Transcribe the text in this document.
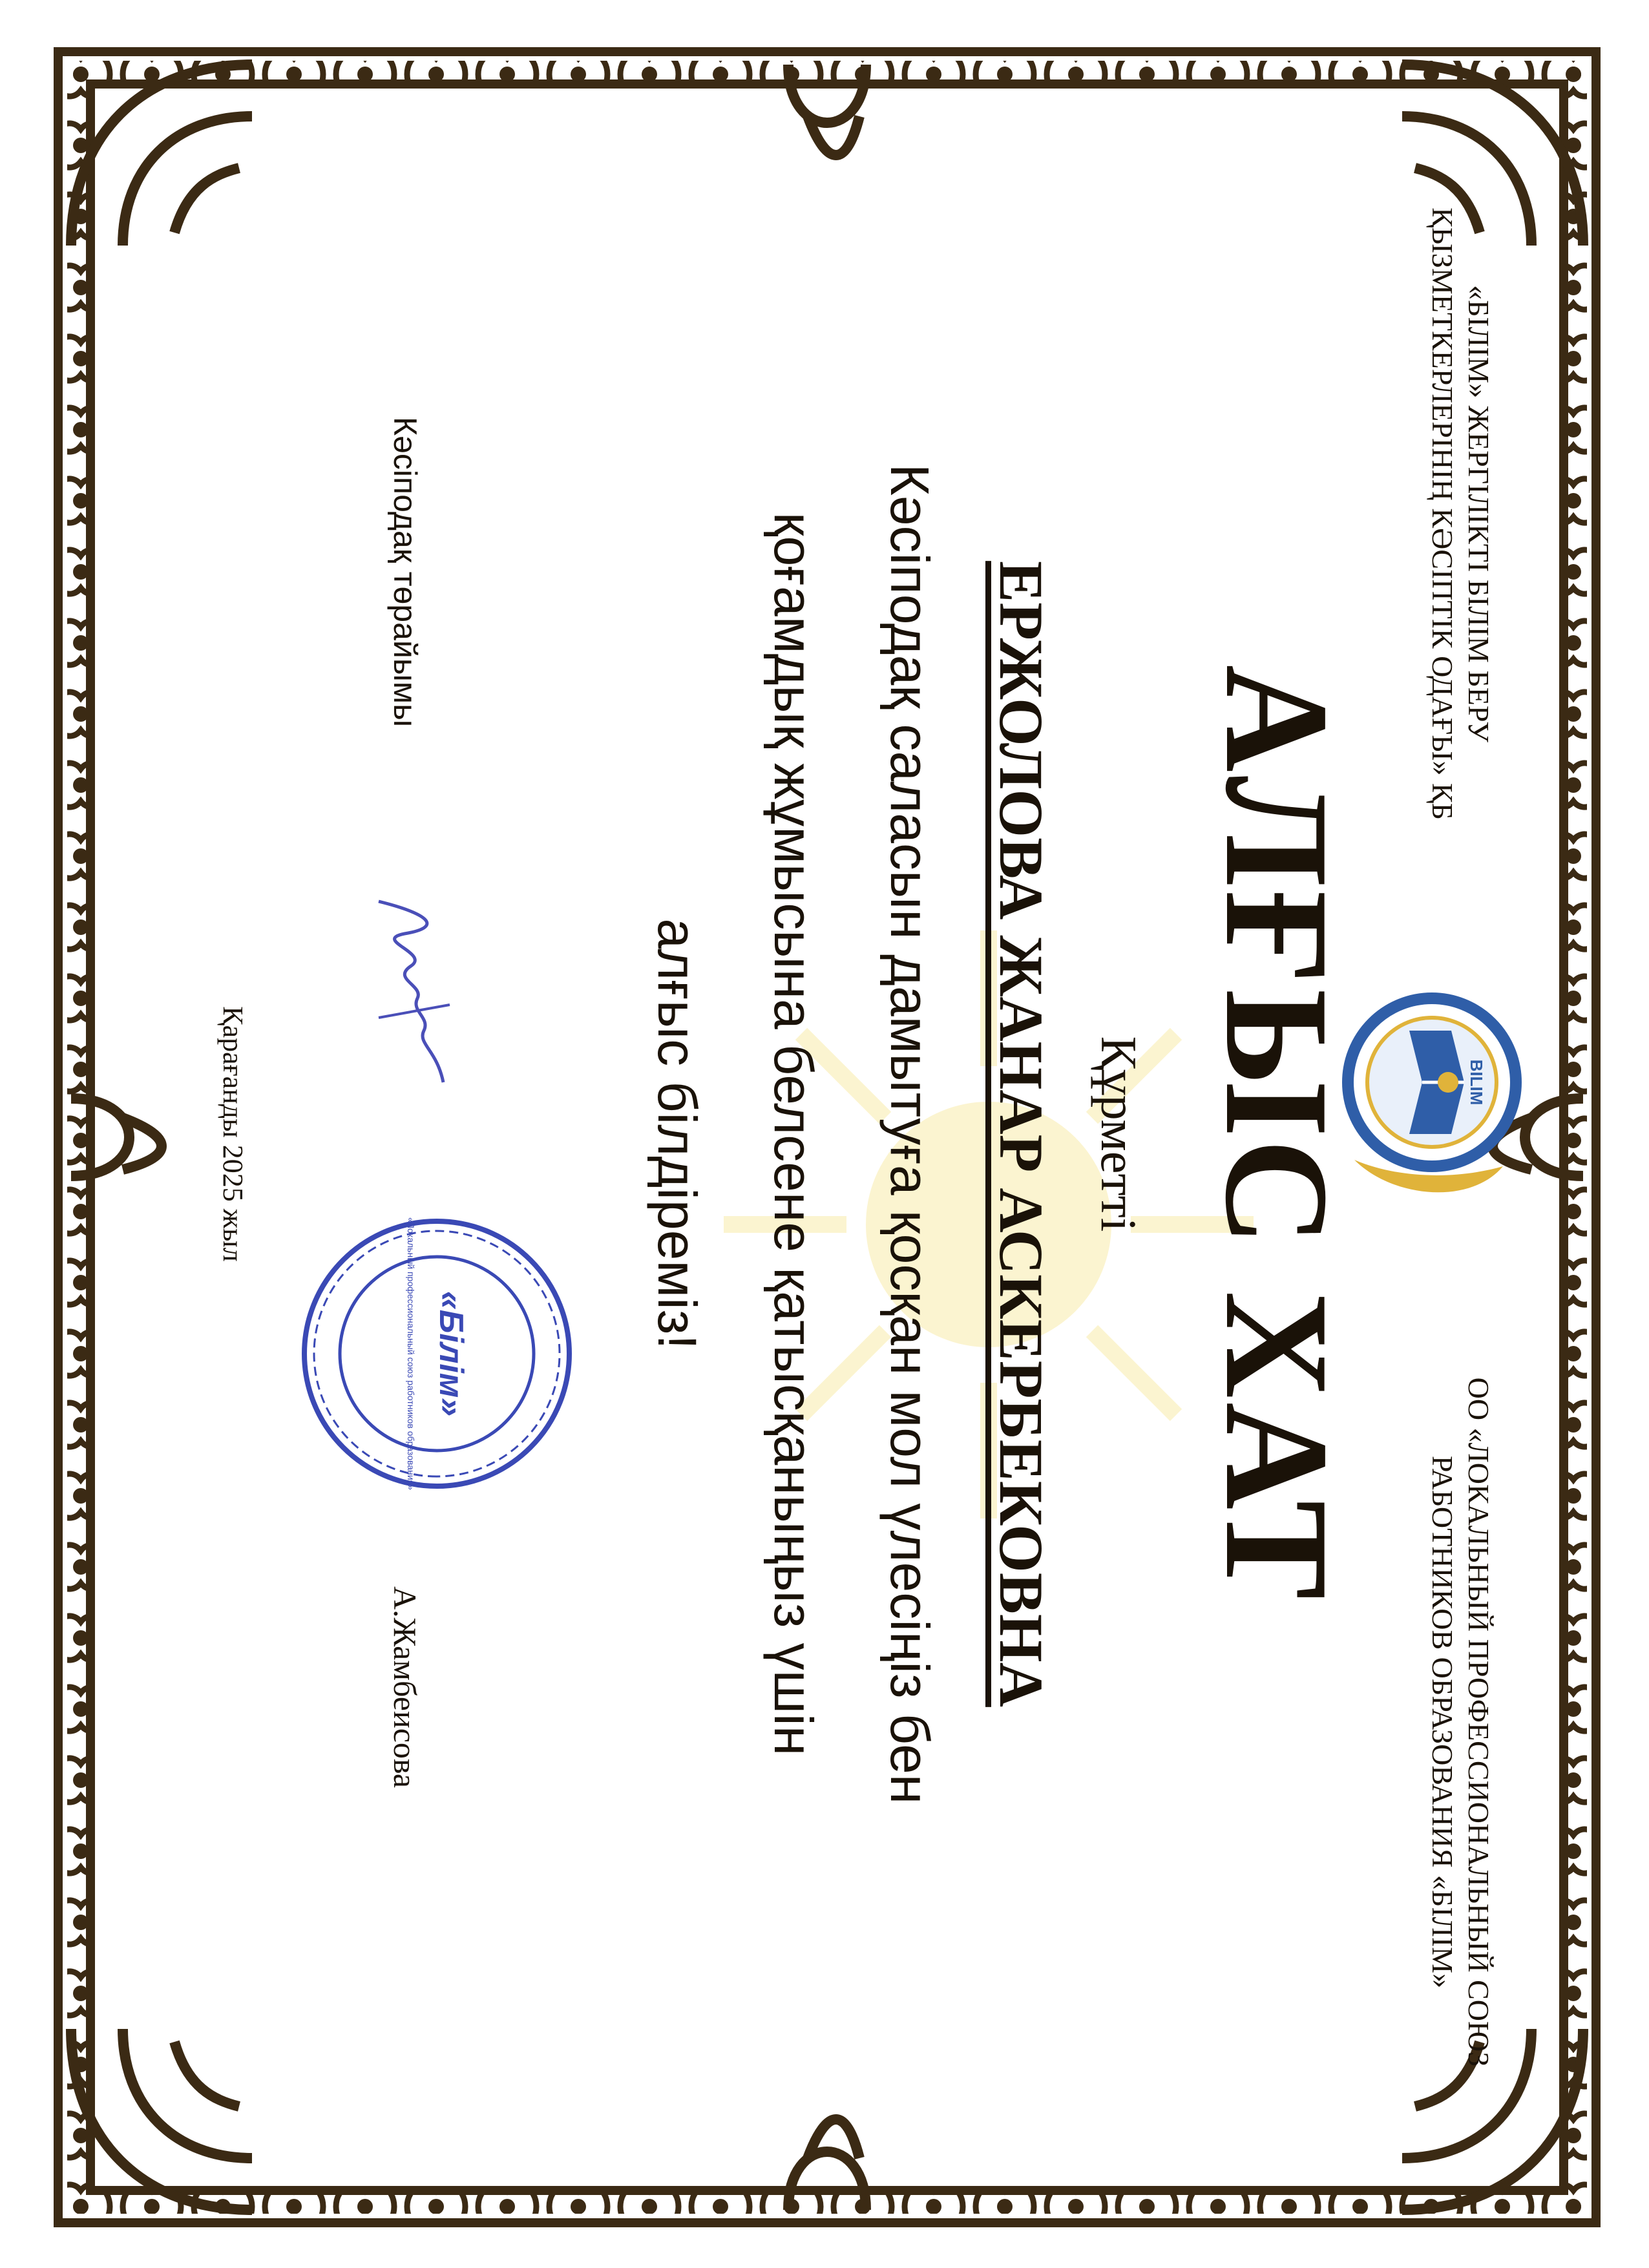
«БІЛІМ» ЖЕРГІЛІКТІ БІЛІМ БЕРУ
ҚЫЗМЕТКЕРЛЕРІНІҢ КӘСІПТІК ОДАҒЫ» ҚБ
BILIM
ОО «ЛОКАЛЬНЫЙ ПРОФЕССИОНАЛЬНЫЙ СОЮЗ
РАБОТНИКОВ ОБРАЗОВАНИЯ «БІЛІМ»
АЛҒЫС ХАТ
Құрметті
ЕРЖОЛОВА ЖАНАР АСКЕРБЕКОВНА
Кәсіподақ саласын дамытуға қосқан мол үлесіңіз бен
қоғамдық жұмысына белсене қатысқаныңыз үшін
алғыс білдіреміз!
Кәсіподақ төрайымы
«Білім»
«Локальный профессиональный союз работников образования»
А.Жамбеисова
Қарағанды 2025 жыл
